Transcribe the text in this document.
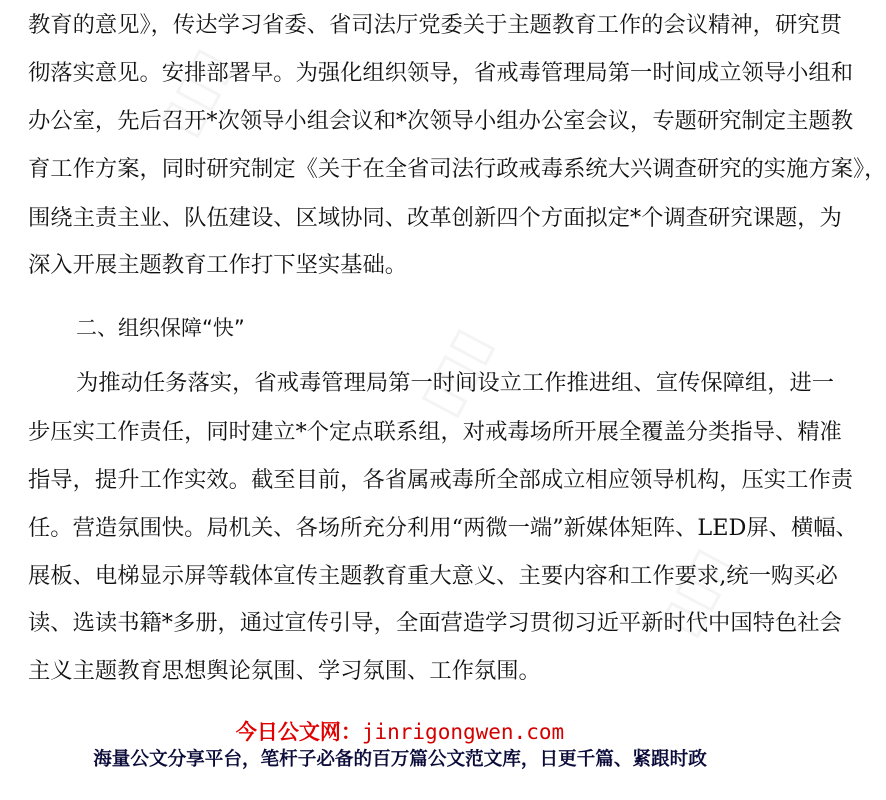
▯▯▯
▯▯▯
▯▯▯
教育的意见》，传达学习省委、省司法厅党委关于主题教育工作的会议精神，研究贯
彻落实意见。安排部署早。为强化组织领导，省戒毒管理局第一时间成立领导小组和
办公室，先后召开*次领导小组会议和*次领导小组办公室会议，专题研究制定主题教
育工作方案，同时研究制定《关于在全省司法行政戒毒系统大兴调查研究的实施方案》，
围绕主责主业、队伍建设、区域协同、改革创新四个方面拟定*个调查研究课题，为
深入开展主题教育工作打下坚实基础。
二、组织保障“快”
为推动任务落实，省戒毒管理局第一时间设立工作推进组、宣传保障组，进一
步压实工作责任，同时建立*个定点联系组，对戒毒场所开展全覆盖分类指导、精准
指导，提升工作实效。截至目前，各省属戒毒所全部成立相应领导机构，压实工作责
任。营造氛围快。局机关、各场所充分利用“两微一端”新媒体矩阵、LED屏、横幅、
展板、电梯显示屏等载体宣传主题教育重大意义、主要内容和工作要求,统一购买必
读、选读书籍*多册，通过宣传引导，全面营造学习贯彻习近平新时代中国特色社会
主义主题教育思想舆论氛围、学习氛围、工作氛围。
今日公文网：jinrigongwen.com
海量公文分享平台，笔杆子必备的百万篇公文范文库，日更千篇、紧跟时政
